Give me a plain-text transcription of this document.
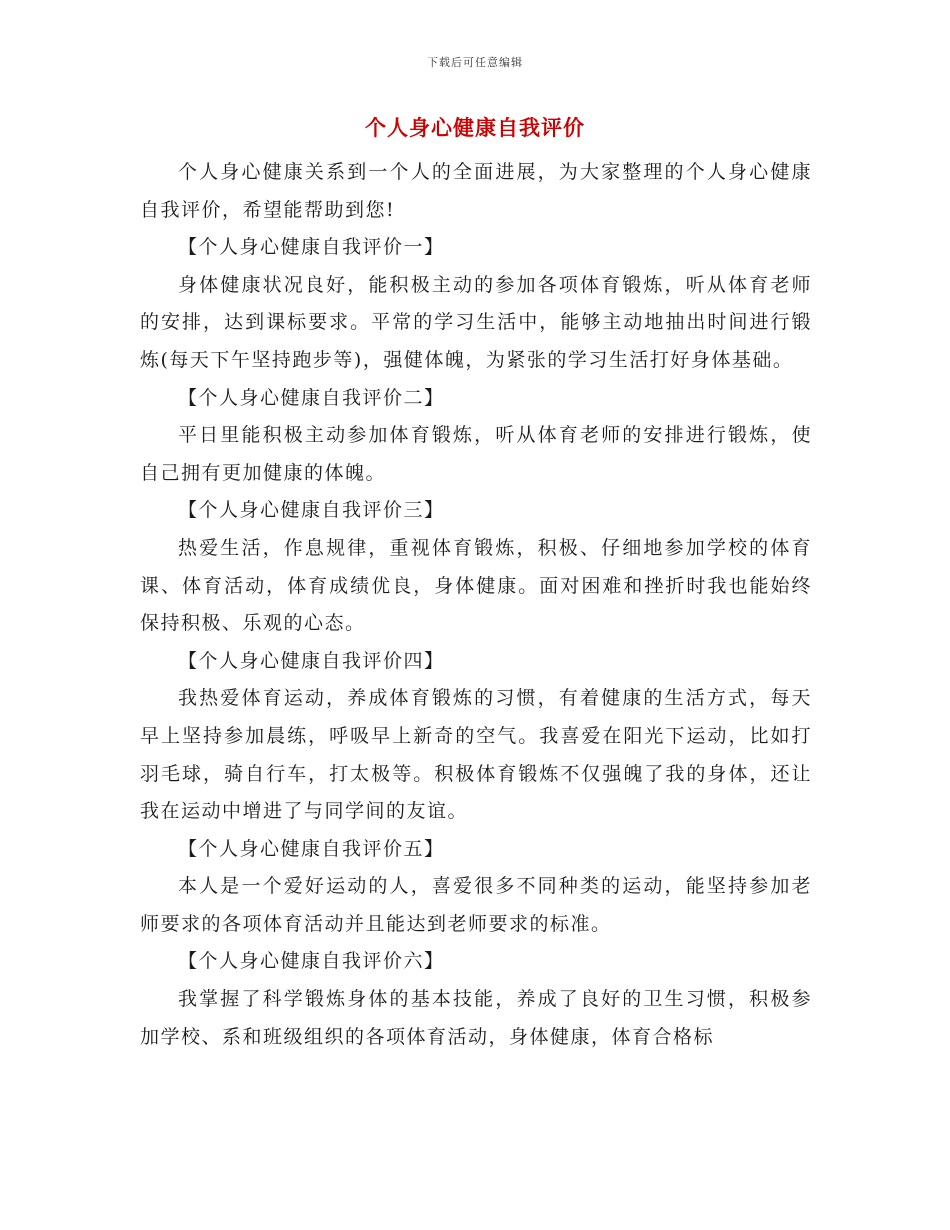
下载后可任意编辑
个人身心健康自我评价

个人身心健康关系到一个人的全面进展，为大家整理的个人身心健康自我评价，希望能帮助到您!

【个人身心健康自我评价一】

身体健康状况良好，能积极主动的参加各项体育锻炼，听从体育老师的安排，达到课标要求。平常的学习生活中，能够主动地抽出时间进行锻炼(每天下午坚持跑步等)，强健体魄，为紧张的学习生活打好身体基础。

【个人身心健康自我评价二】

平日里能积极主动参加体育锻炼，听从体育老师的安排进行锻炼，使自己拥有更加健康的体魄。

【个人身心健康自我评价三】

热爱生活，作息规律，重视体育锻炼，积极、仔细地参加学校的体育课、体育活动，体育成绩优良，身体健康。面对困难和挫折时我也能始终保持积极、乐观的心态。

【个人身心健康自我评价四】

我热爱体育运动，养成体育锻炼的习惯，有着健康的生活方式，每天早上坚持参加晨练，呼吸早上新奇的空气。我喜爱在阳光下运动，比如打羽毛球，骑自行车，打太极等。积极体育锻炼不仅强魄了我的身体，还让我在运动中增进了与同学间的友谊。

【个人身心健康自我评价五】

本人是一个爱好运动的人，喜爱很多不同种类的运动，能坚持参加老师要求的各项体育活动并且能达到老师要求的标准。

【个人身心健康自我评价六】

我掌握了科学锻炼身体的基本技能，养成了良好的卫生习惯，积极参加学校、系和班级组织的各项体育活动，身体健康，体育合格标
